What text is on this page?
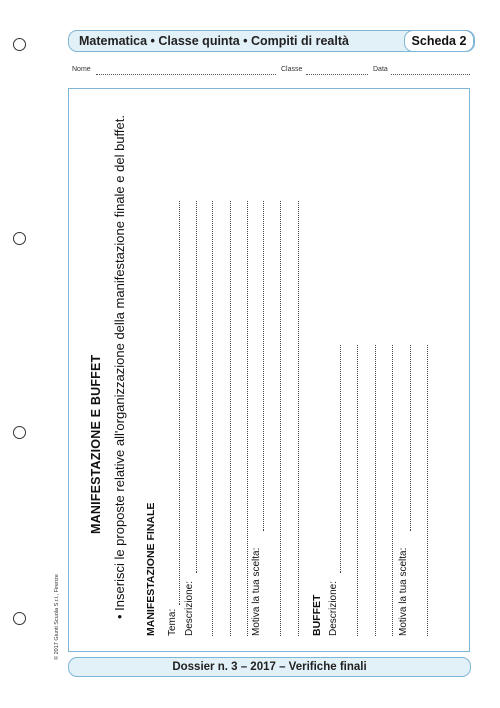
Matematica • Classe quinta • Compiti di realtà	Scheda 2
Nome	Classe	Data
MANIFESTAZIONE E BUFFET • Inserisci le proposte relative all'organizzazione della manifestazione finale e del buffet. MANIFESTAZIONE FINALE Tema: Descrizione:	Motiva la tua scelta:	BUFFET Descrizione:	Motiva la tua scelta:
© 2017 Giunti Scuola S.r.l., Firenze
Dossier n. 3 – 2017 – Verifiche finali
